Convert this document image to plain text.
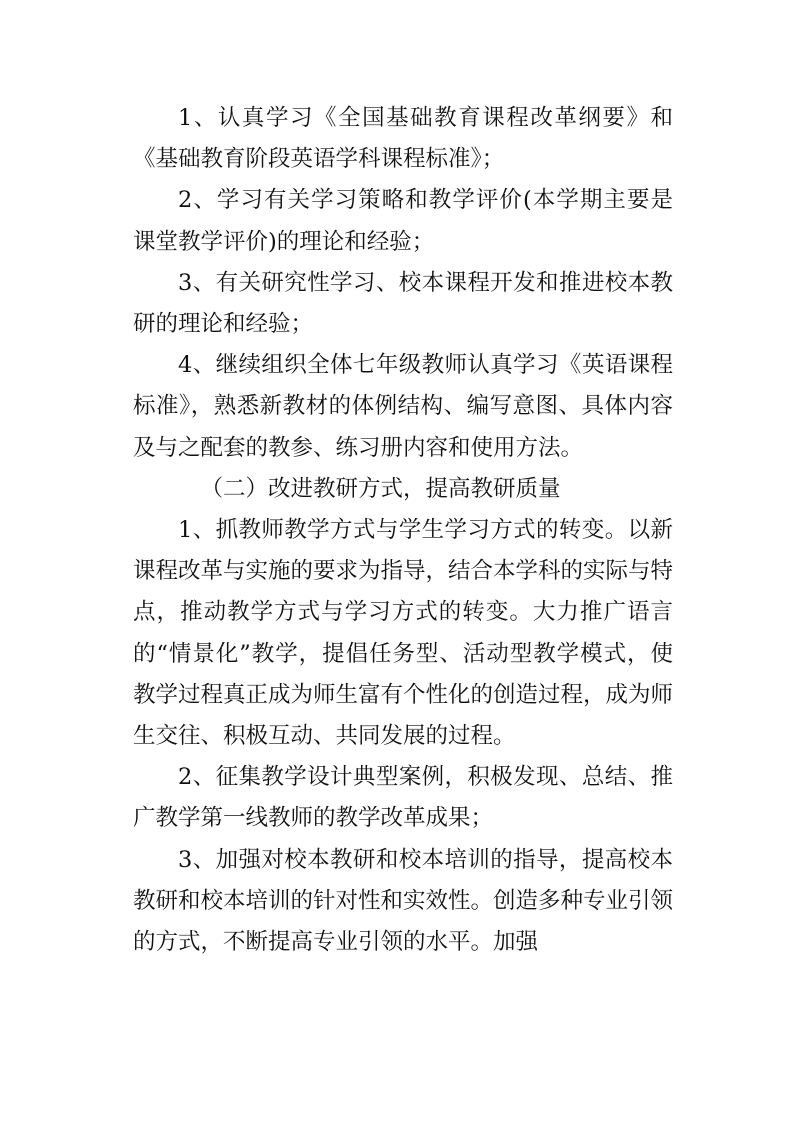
1、认真学习《全国基础教育课程改革纲要》和《基础教育阶段英语学科课程标准》；

2、学习有关学习策略和教学评价(本学期主要是课堂教学评价)的理论和经验；

3、有关研究性学习、校本课程开发和推进校本教研的理论和经验；

4、继续组织全体七年级教师认真学习《英语课程标准》，熟悉新教材的体例结构、编写意图、具体内容及与之配套的教参、练习册内容和使用方法。

（二）改进教研方式，提高教研质量

1、抓教师教学方式与学生学习方式的转变。以新课程改革与实施的要求为指导，结合本学科的实际与特点，推动教学方式与学习方式的转变。大力推广语言的“情景化”教学，提倡任务型、活动型教学模式，使教学过程真正成为师生富有个性化的创造过程，成为师生交往、积极互动、共同发展的过程。

2、征集教学设计典型案例，积极发现、总结、推广教学第一线教师的教学改革成果；

3、加强对校本教研和校本培训的指导，提高校本教研和校本培训的针对性和实效性。创造多种专业引领的方式，不断提高专业引领的水平。加强
